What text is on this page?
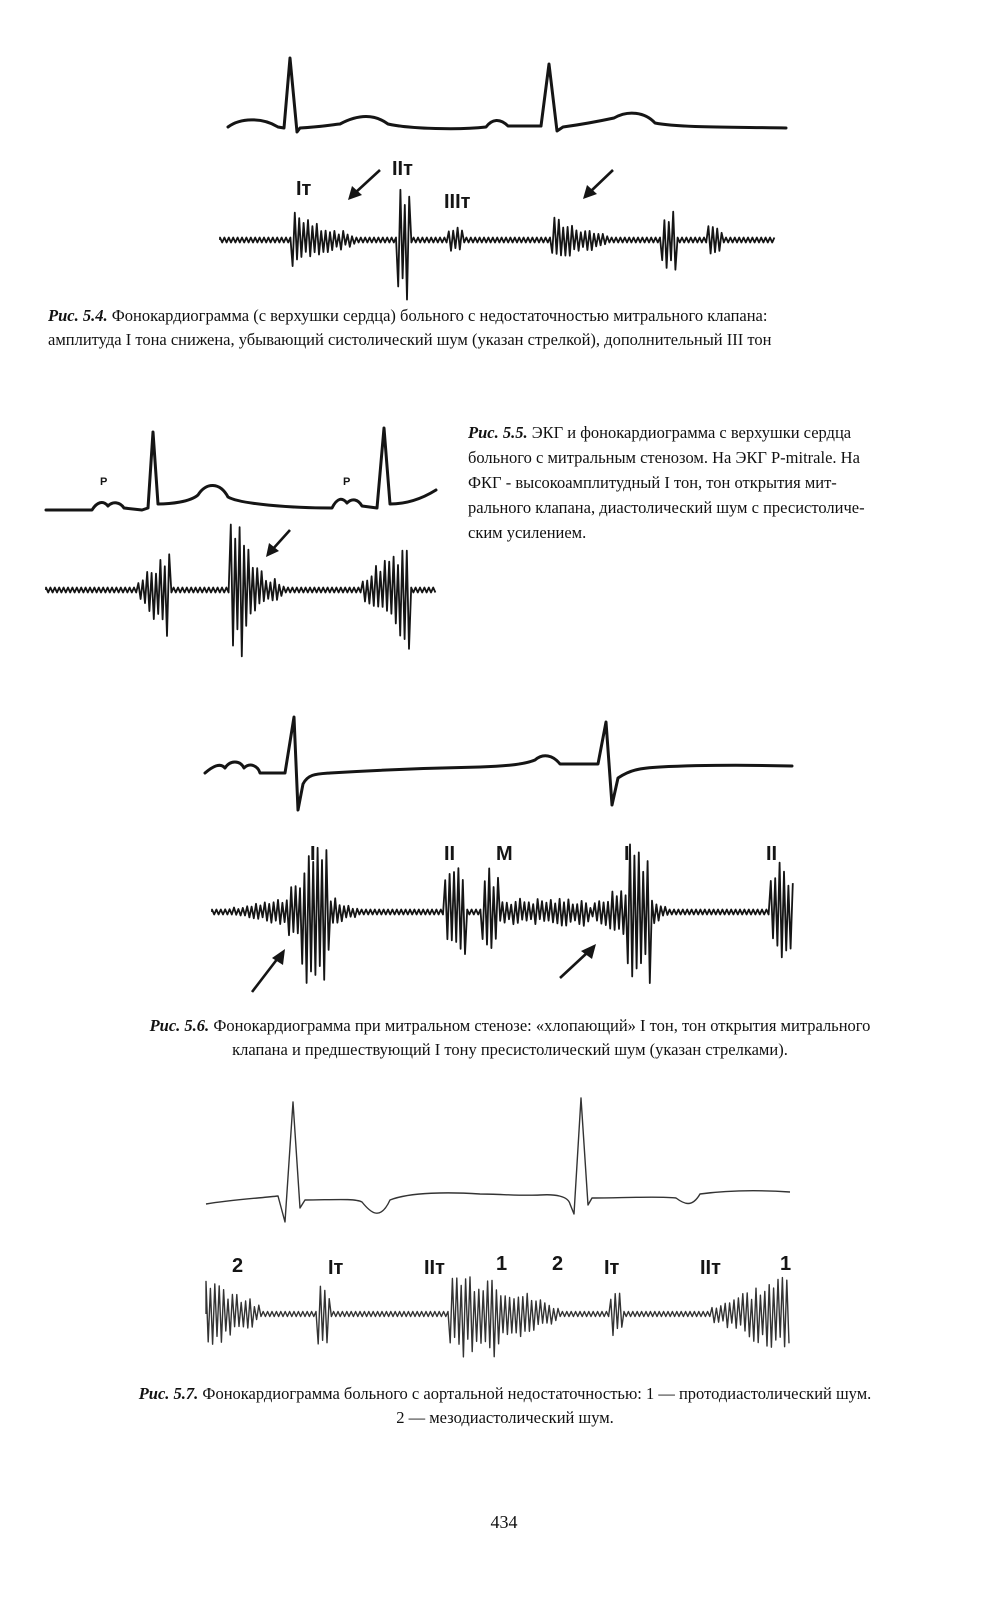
Iт
IIт
IIIт
Рис. 5.4. Фонокардиограмма (с верхушки сердца) больного с недостаточностью митрального клапана:
амплитуда I тона снижена, убывающий систолический шум (указан стрелкой), дополнительный III тон
P	P
Рис. 5.5. ЭКГ и фонокардиограмма с верхушки сердца
больного с митральным стенозом. На ЭКГ P-mitrale. На
ФКГ - высокоамплитудный I тон, тон открытия мит-
рального клапана, диастолический шум с пресистоличе-
ским усилением.
I	II M	I	II
Рис. 5.6. Фонокардиограмма при митральном стенозе: «хлопающий» I тон, тон открытия митрального
клапана и предшествующий I тону пресистолический шум (указан стрелками).
2	Iт	IIт	1 2 Iт	IIт	1
Рис. 5.7. Фонокардиограмма больного с аортальной недостаточностью: 1 — протодиастолический шум.
2 — мезодиастолический шум.
434
